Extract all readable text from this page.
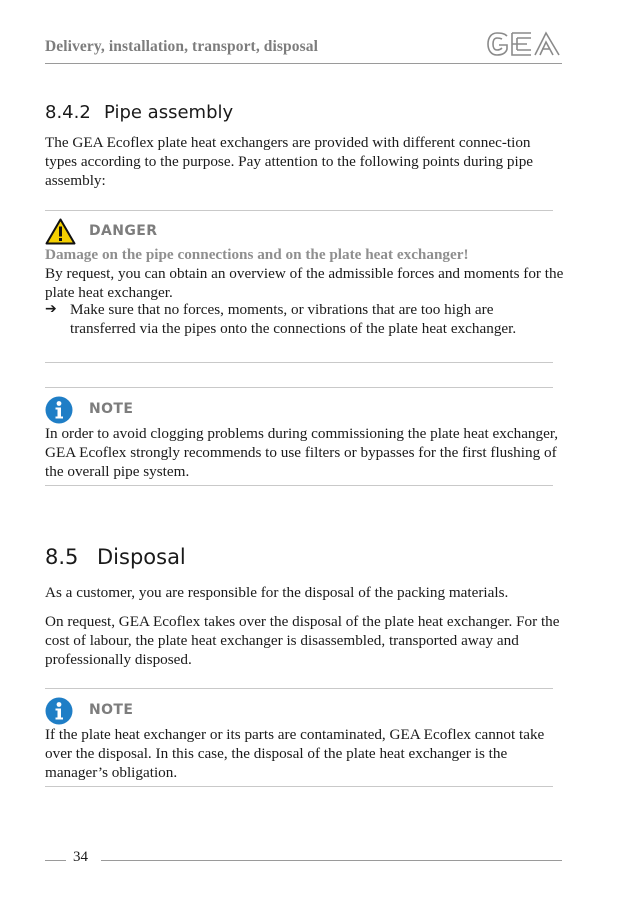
Delivery, installation, transport, disposal
8.4.2 Pipe assembly

The GEA Ecoflex plate heat exchangers are provided with different connec-tion types according to the purpose. Pay attention to the following points during pipe assembly:

DANGER

Damage on the pipe connections and on the plate heat exchanger!

By request, you can obtain an overview of the admissible forces and moments for the plate heat exchanger.

➔ Make sure that no forces, moments, or vibrations that are too high are transferred via the pipes onto the connections of the plate heat exchanger.
NOTE

In order to avoid clogging problems during commissioning the plate heat exchanger, GEA Ecoflex strongly recommends to use filters or bypasses for the first flushing of the overall pipe system.

8.5 Disposal

As a customer, you are responsible for the disposal of the packing materials.

On request, GEA Ecoflex takes over the disposal of the plate heat exchanger. For the cost of labour, the plate heat exchanger is disassembled, transported away and professionally disposed.

NOTE

If the plate heat exchanger or its parts are contaminated, GEA Ecoflex cannot take over the disposal. In this case, the disposal of the plate heat exchanger is the manager’s obligation.

34
